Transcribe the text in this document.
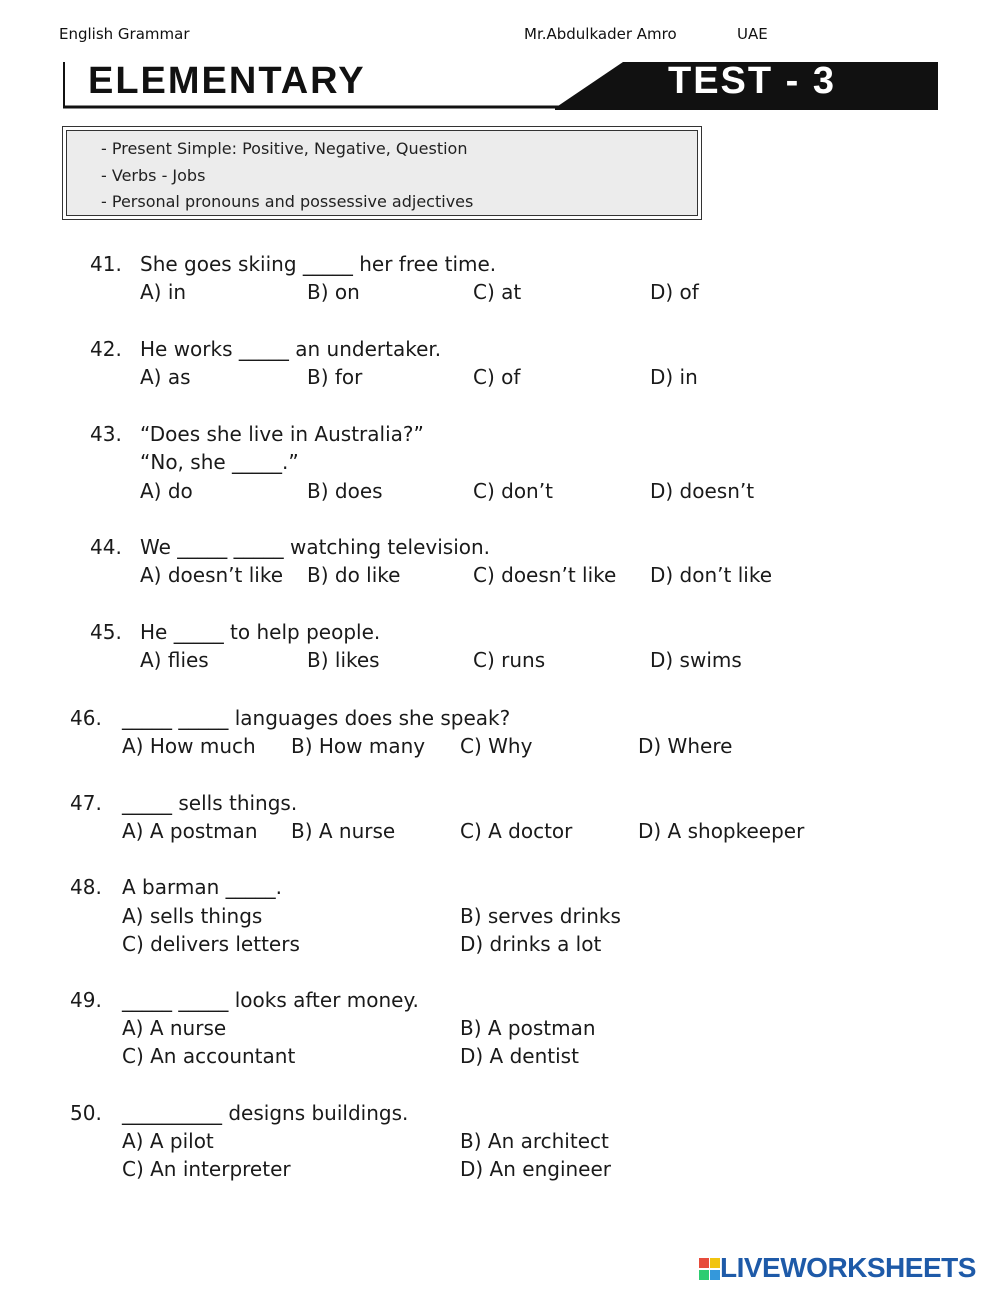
English Grammar	Mr.Abdulkader Amro	UAE
ELEMENTARY	TEST - 3
- Present Simple: Positive, Negative, Question
- Verbs - Jobs
- Personal pronouns and possessive adjectives
41. She goes skiing _____ her free time.
A) in	B) on	C) at	D) of
42. He works _____ an undertaker.
A) as	B) for	C) of	D) in
43. “Does she live in Australia?”
“No, she _____.”
A) do	B) does	C) don’t	D) doesn’t
44. We _____ _____ watching television.
A) doesn’t like B) do like	C) doesn’t like D) don’t like
45. He _____ to help people.
A) flies	B) likes	C) runs	D) swims
46. _____ _____ languages does she speak?
A) How much B) How many C) Why	D) Where
47. _____ sells things.
A) A postman B) A nurse	C) A doctor	D) A shopkeeper
48. A barman _____.
A) sells things	B) serves drinks
C) delivers letters	D) drinks a lot
49. _____ _____ looks after money.
A) A nurse	B) A postman
C) An accountant	D) A dentist
50. __________ designs buildings.
A) A pilot	B) An architect
C) An interpreter	D) An engineer
LIVEWORKSHEETS
